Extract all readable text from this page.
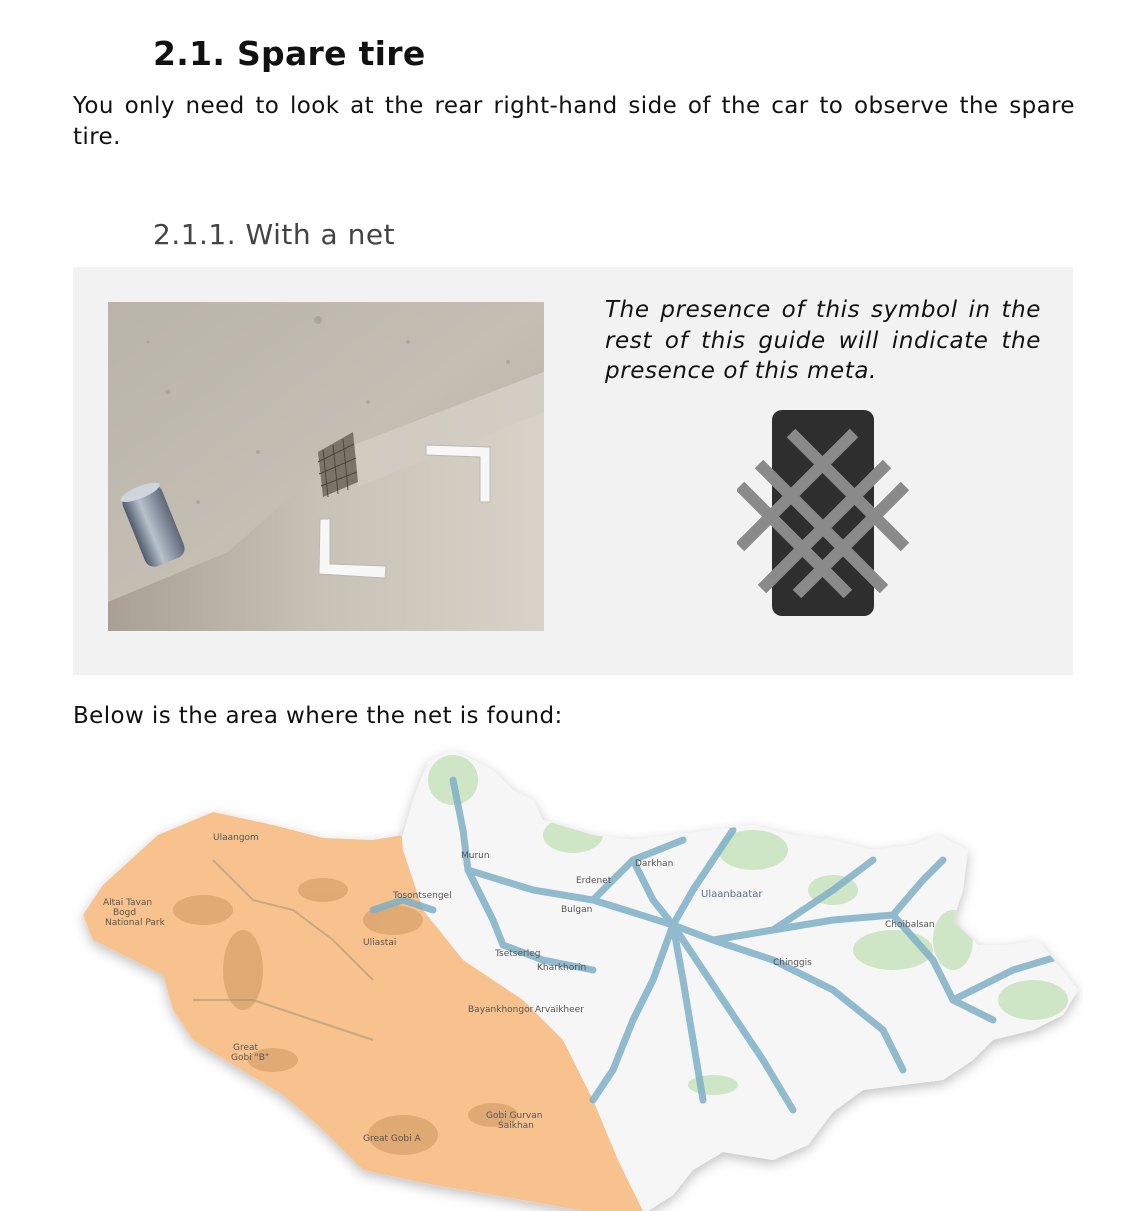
2.1. Spare tire

You only need to look at the rear right-hand side of the car to observe the spare tire.

2.1.1. With a net

The presence of this symbol in the rest of this guide will indicate the presence of this meta.

Below is the area where the net is found:

Ulaangom
Altai Tavan
Bogd
National Park
Tosontsengel
Uliastai
Murun
Erdenet
Darkhan
Bulgan
Tsetserleg
Kharkhorin
Choibalsan
Chinggis
Bayankhongor Arvaikheer
Great
Gobi "B"
Gobi Gurvan
Saikhan
Great Gobi A
Ulaanbaatar
